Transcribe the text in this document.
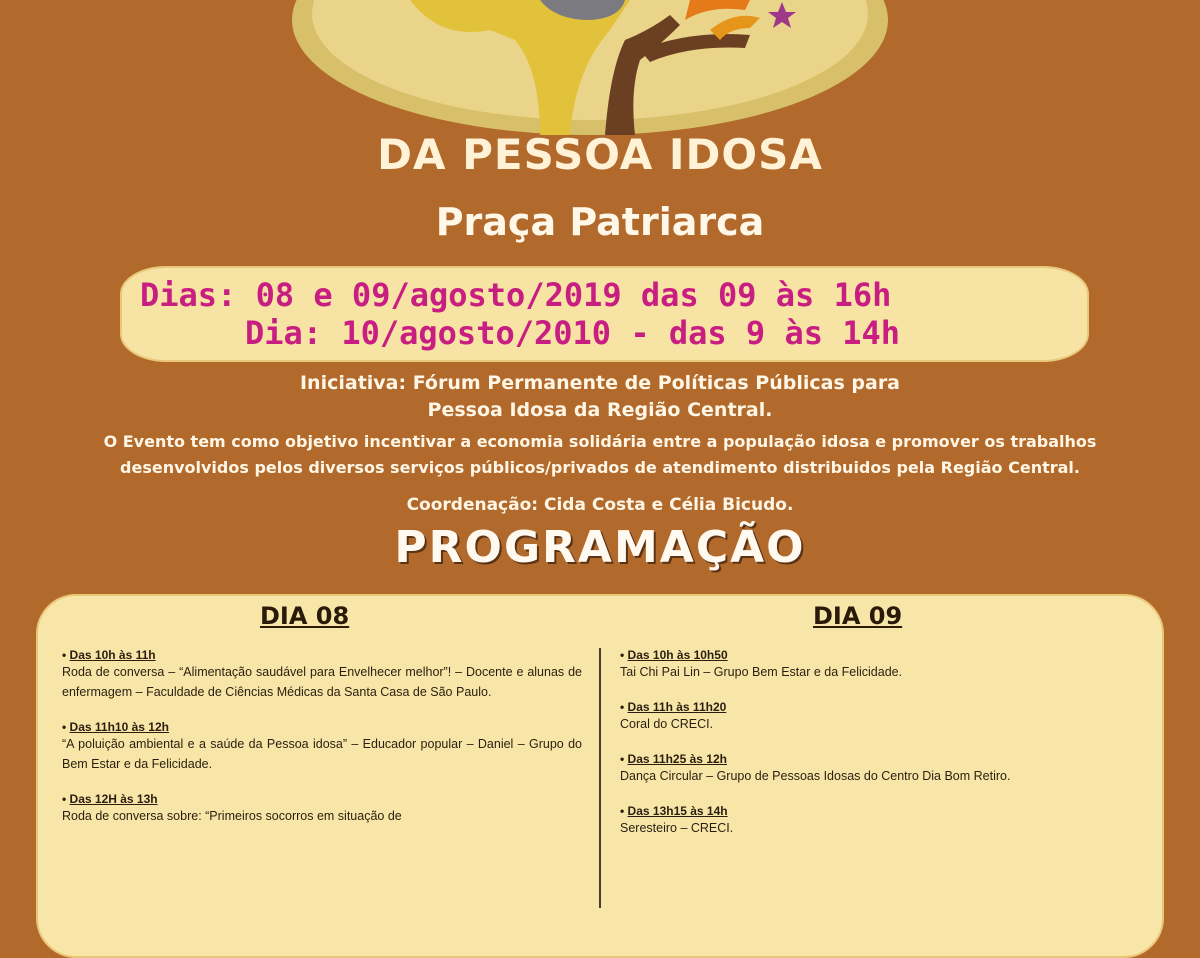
DA PESSOA IDOSA
Praça Patriarca
Dias: 08 e 09/agosto/2019 das 09 às 16h
Dia: 10/agosto/2010 - das 9 às 14h
Iniciativa: Fórum Permanente de Políticas Públicas para
Pessoa Idosa da Região Central.
O Evento tem como objetivo incentivar a economia solidária entre a população idosa e promover os trabalhos
desenvolvidos pelos diversos serviços públicos/privados de atendimento distribuidos pela Região Central.
Coordenação: Cida Costa e Célia Bicudo.
PROGRAMAÇÃO
DIA 08	DIA 09
• Das 10h às 11h
Roda de conversa – “Alimentação saudável para Envelhecer melhor”! – Docente e alunas de enfermagem – Faculdade de Ciências Médicas da Santa Casa de São Paulo.
• Das 11h10 às 12h
“A poluição ambiental e a saúde da Pessoa idosa” – Educador popular – Daniel – Grupo do Bem Estar e da Felicidade.
• Das 12H às 13h
Roda de conversa sobre: “Primeiros socorros em situação de
• Das 10h às 10h50
Tai Chi Pai Lin – Grupo Bem Estar e da Felicidade.
• Das 11h às 11h20
Coral do CRECI.
• Das 11h25 às 12h
Dança Circular – Grupo de Pessoas Idosas do Centro Dia Bom Retiro.
• Das 13h15 às 14h
Seresteiro – CRECI.
